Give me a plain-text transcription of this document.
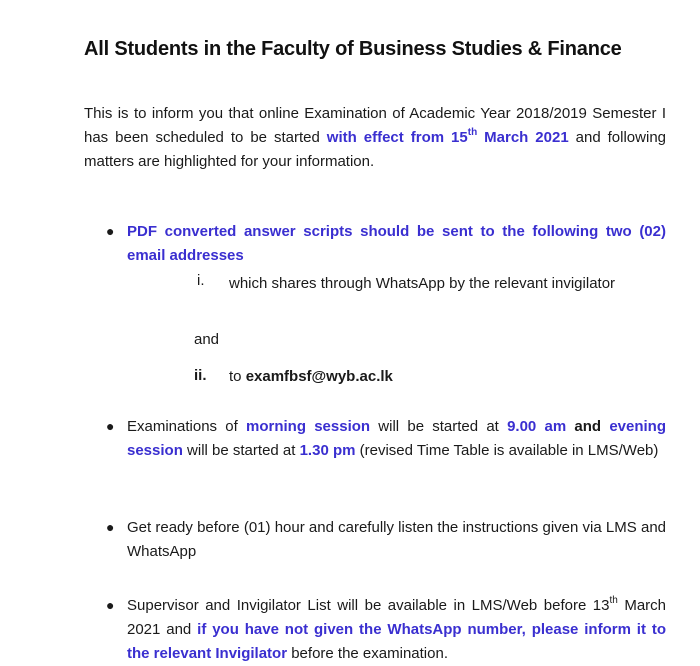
All Students in the Faculty of Business Studies & Finance
This is to inform you that online Examination of Academic Year 2018/2019 Semester I has been scheduled to be started with effect from 15th March 2021 and following matters are highlighted for your information.
● PDF converted answer scripts should be sent to the following two (02) email addresses
i. which shares through WhatsApp by the relevant invigilator
and
ii. to examfbsf@wyb.ac.lk
● Examinations of morning session will be started at 9.00 am and evening session will be started at 1.30 pm (revised Time Table is available in LMS/Web)
● Get ready before (01) hour and carefully listen the instructions given via LMS and WhatsApp
● Supervisor and Invigilator List will be available in LMS/Web before 13th March 2021 and if you have not given the WhatsApp number, please inform it to the relevant Invigilator before the examination.
